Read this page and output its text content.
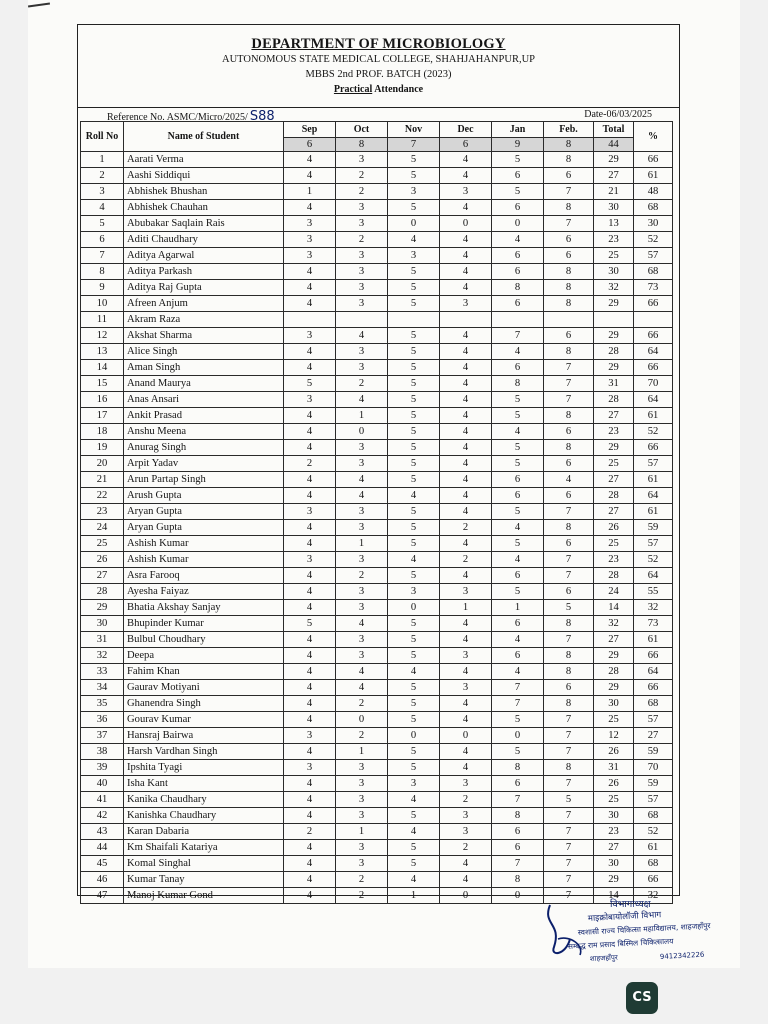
DEPARTMENT OF MICROBIOLOGY
AUTONOMOUS STATE MEDICAL COLLEGE, SHAHJAHANPUR,UP
MBBS 2nd PROF. BATCH (2023)
Practical Attendance
Reference No. ASMC/Micro/2025/ S88	Date-06/03/2025
Roll No	Name of Student	Sep	Oct	Nov	Dec	Jan	Feb.	Total	%
		6	8	7	6	9	8	44	
1	Aarati Verma	4	3	5	4	5	8	29	66
2	Aashi Siddiqui	4	2	5	4	6	6	27	61
3	Abhishek Bhushan	1	2	3	3	5	7	21	48
4	Abhishek Chauhan	4	3	5	4	6	8	30	68
5	Abubakar Saqlain Rais	3	3	0	0	0	7	13	30
6	Aditi Chaudhary	3	2	4	4	4	6	23	52
7	Aditya Agarwal	3	3	3	4	6	6	25	57
8	Aditya Parkash	4	3	5	4	6	8	30	68
9	Aditya Raj Gupta	4	3	5	4	8	8	32	73
10	Afreen Anjum	4	3	5	3	6	8	29	66
11	Akram Raza								
12	Akshat Sharma	3	4	5	4	7	6	29	66
13	Alice Singh	4	3	5	4	4	8	28	64
14	Aman Singh	4	3	5	4	6	7	29	66
15	Anand Maurya	5	2	5	4	8	7	31	70
16	Anas Ansari	3	4	5	4	5	7	28	64
17	Ankit Prasad	4	1	5	4	5	8	27	61
18	Anshu Meena	4	0	5	4	4	6	23	52
19	Anurag Singh	4	3	5	4	5	8	29	66
20	Arpit Yadav	2	3	5	4	5	6	25	57
21	Arun Partap Singh	4	4	5	4	6	4	27	61
22	Arush Gupta	4	4	4	4	6	6	28	64
23	Aryan Gupta	3	3	5	4	5	7	27	61
24	Aryan Gupta	4	3	5	2	4	8	26	59
25	Ashish Kumar	4	1	5	4	5	6	25	57
26	Ashish Kumar	3	3	4	2	4	7	23	52
27	Asra Farooq	4	2	5	4	6	7	28	64
28	Ayesha Faiyaz	4	3	3	3	5	6	24	55
29	Bhatia Akshay Sanjay	4	3	0	1	1	5	14	32
30	Bhupinder Kumar	5	4	5	4	6	8	32	73
31	Bulbul Choudhary	4	3	5	4	4	7	27	61
32	Deepa	4	3	5	3	6	8	29	66
33	Fahim Khan	4	4	4	4	4	8	28	64
34	Gaurav Motiyani	4	4	5	3	7	6	29	66
35	Ghanendra Singh	4	2	5	4	7	8	30	68
36	Gourav Kumar	4	0	5	4	5	7	25	57
37	Hansraj Bairwa	3	2	0	0	0	7	12	27
38	Harsh Vardhan Singh	4	1	5	4	5	7	26	59
39	Ipshita Tyagi	3	3	5	4	8	8	31	70
40	Isha Kant	4	3	3	3	6	7	26	59
41	Kanika Chaudhary	4	3	4	2	7	5	25	57
42	Kanishka Chaudhary	4	3	5	3	8	7	30	68
43	Karan Dabaria	2	1	4	3	6	7	23	52
44	Km Shaifali Katariya	4	3	5	2	6	7	27	61
45	Komal Singhal	4	3	5	4	7	7	30	68
46	Kumar Tanay	4	2	4	4	8	7	29	66
47	Manoj Kumar Gond	4	2	1	0	0	7	14	32
विभागाध्यक्ष
माइक्रोबायोलॉजी विभाग
स्वशासी राज्य चिकित्सा महाविद्यालय, शाहजहाँपुर
सम्बद्ध राम प्रसाद बिस्मिल चिकित्सालय
शाहजहाँपुर	9412342226
CS
